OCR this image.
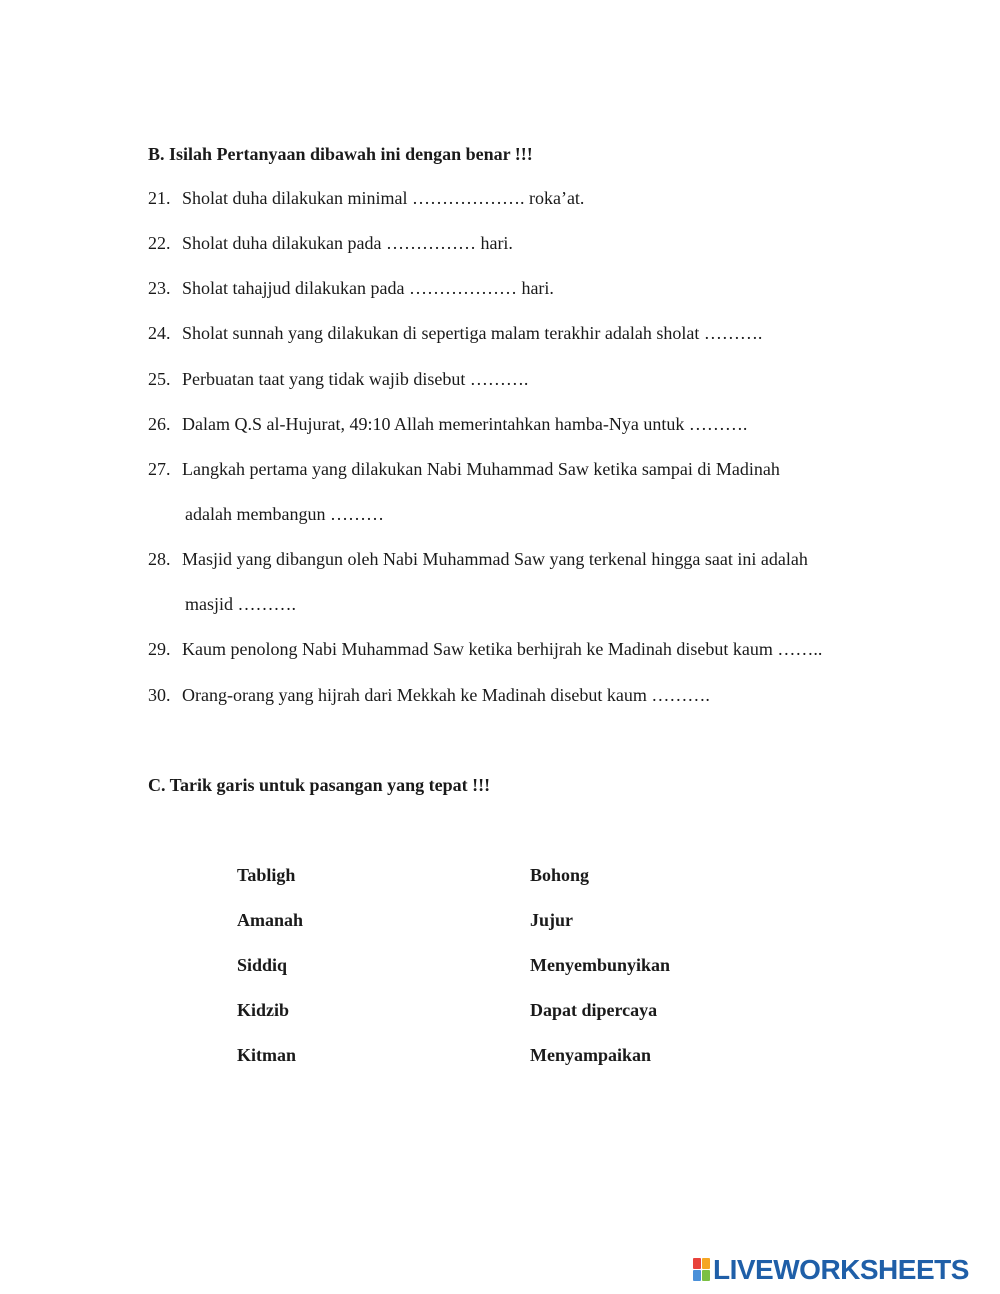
B. Isilah Pertanyaan dibawah ini dengan benar !!!
21. Sholat duha dilakukan minimal ………………. roka’at.
22. Sholat duha dilakukan pada …………… hari.
23. Sholat tahajjud dilakukan pada ……………… hari.
24. Sholat sunnah yang dilakukan di sepertiga malam terakhir adalah sholat ……….
25. Perbuatan taat yang tidak wajib disebut ……….
26. Dalam Q.S al-Hujurat, 49:10 Allah memerintahkan hamba-Nya untuk ……….
27. Langkah pertama yang dilakukan Nabi Muhammad Saw ketika sampai di Madinah
adalah membangun ………
28. Masjid yang dibangun oleh Nabi Muhammad Saw yang terkenal hingga saat ini adalah
masjid ……….
29. Kaum penolong Nabi Muhammad Saw ketika berhijrah ke Madinah disebut kaum ……..
30. Orang-orang yang hijrah dari Mekkah ke Madinah disebut kaum ……….
C. Tarik garis untuk pasangan yang tepat !!!
Tabligh
Amanah
Siddiq
Kidzib
Kitman
Bohong
Jujur
Menyembunyikan
Dapat dipercaya
Menyampaikan
LIVEWORKSHEETS
